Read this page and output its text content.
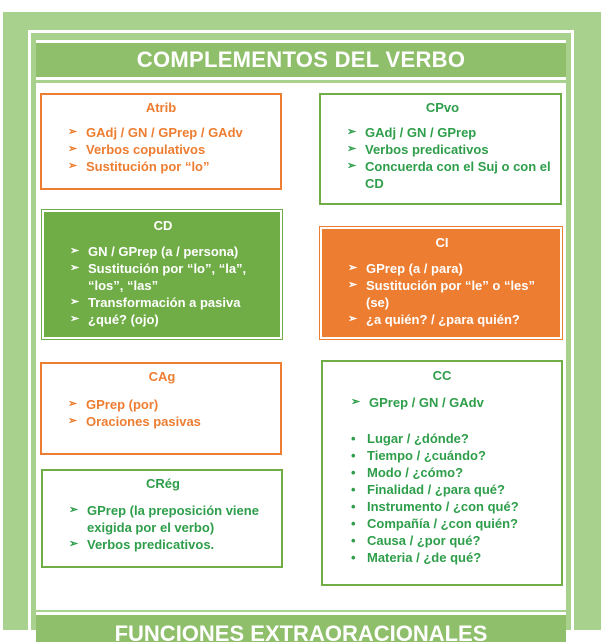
COMPLEMENTOS DEL VERBO
Atrib
➢ GAdj / GN / GPrep / GAdv
➢ Verbos copulativos
➢ Sustitución por “lo”
CPvo
➢ GAdj / GN / GPrep
➢ Verbos predicativos
➢ Concuerda con el Suj o con el CD
CD
➢ GN / GPrep (a / persona)
➢ Sustitución por “lo”, “la”, “los”, “las”
➢ Transformación a pasiva
➢ ¿qué? (ojo)
CI
➢ GPrep (a / para)
➢ Sustitución por “le” o “les” (se)
➢ ¿a quién? / ¿para quién?
CAg
➢ GPrep (por)
➢ Oraciones pasivas
CC
➢ GPrep / GN / GAdv
• Lugar / ¿dónde?
• Tiempo / ¿cuándo?
• Modo / ¿cómo?
• Finalidad / ¿para qué?
• Instrumento / ¿con qué?
• Compañía / ¿con quién?
• Causa / ¿por qué?
• Materia / ¿de qué?
CRég
➢ GPrep (la preposición viene exigida por el verbo)
➢ Verbos predicativos.
FUNCIONES EXTRAORACIONALES
